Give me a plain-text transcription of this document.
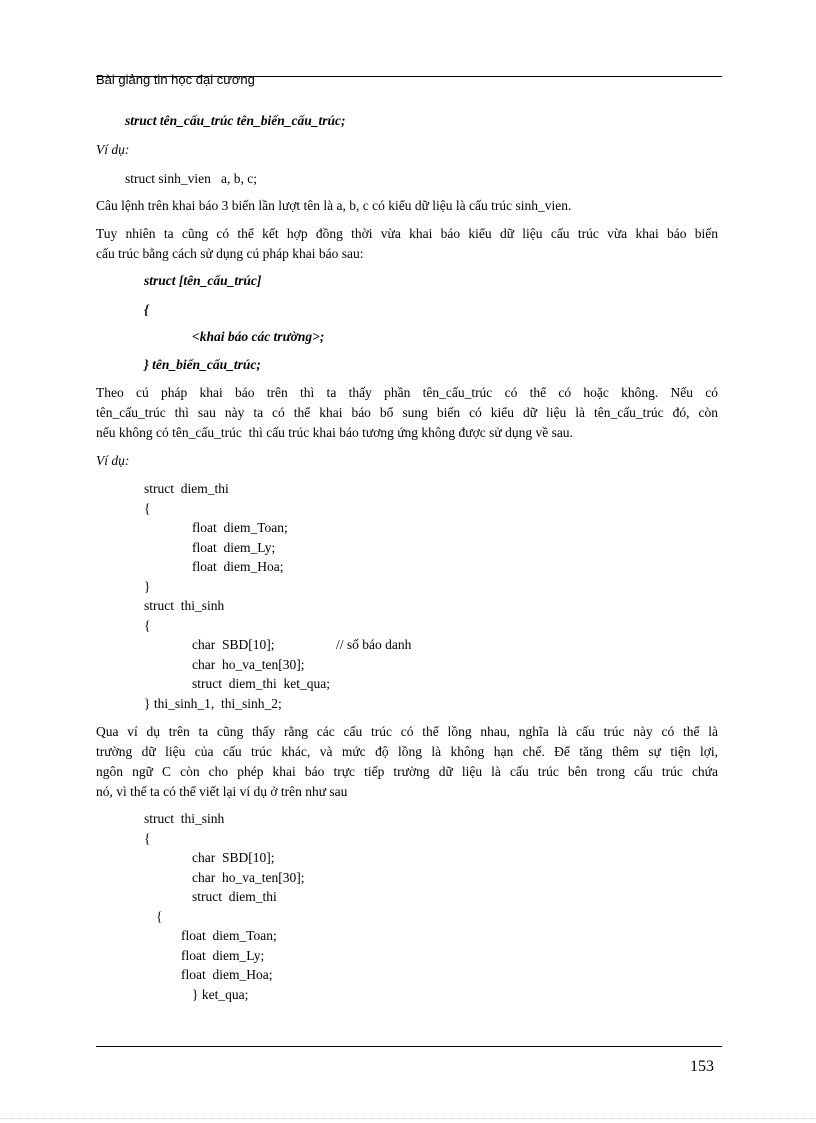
Bài giảng tin học đại cương
struct tên_cấu_trúc tên_biến_cấu_trúc;
Ví dụ:
struct sinh_vien   a, b, c;
Câu lệnh trên khai báo 3 biến lần lượt tên là a, b, c có kiểu dữ liệu là cấu trúc sinh_vien.
Tuy nhiên ta cũng có thể kết hợp đồng thời vừa khai báo kiểu dữ liệu cấu trúc vừa khai báo biến
cấu trúc bằng cách sử dụng cú pháp khai báo sau:
struct [tên_cấu_trúc]
{
<khai báo các trường>;
} tên_biến_cấu_trúc;
Theo cú pháp khai báo trên thì ta thấy phần tên_cấu_trúc có thể có hoặc không. Nếu có
tên_cấu_trúc thì sau này ta có thể khai báo bổ sung biến có kiểu dữ liệu là tên_cấu_trúc đó, còn
nếu không có tên_cấu_trúc  thì cấu trúc khai báo tương ứng không được sử dụng về sau.
Ví dụ:
struct  diem_thi
{
float  diem_Toan;
float  diem_Ly;
float  diem_Hoa;
}
struct  thi_sinh
{
char  SBD[10];	// số báo danh
char  ho_va_ten[30];
struct  diem_thi  ket_qua;
} thi_sinh_1,  thi_sinh_2;
Qua ví dụ trên ta cũng thấy rằng các cấu trúc có thể lồng nhau, nghĩa là cấu trúc này có thể là
trường dữ liệu của cấu trúc khác, và mức độ lồng là không hạn chế. Để tăng thêm sự tiện lợi,
ngôn ngữ C còn cho phép khai báo trực tiếp trường dữ liệu là cấu trúc bên trong cấu trúc chứa
nó, vì thế ta có thể viết lại ví dụ ở trên như sau
struct  thi_sinh
{
char  SBD[10];
char  ho_va_ten[30];
struct  diem_thi
{
float  diem_Toan;
float  diem_Ly;
float  diem_Hoa;
} ket_qua;
153
